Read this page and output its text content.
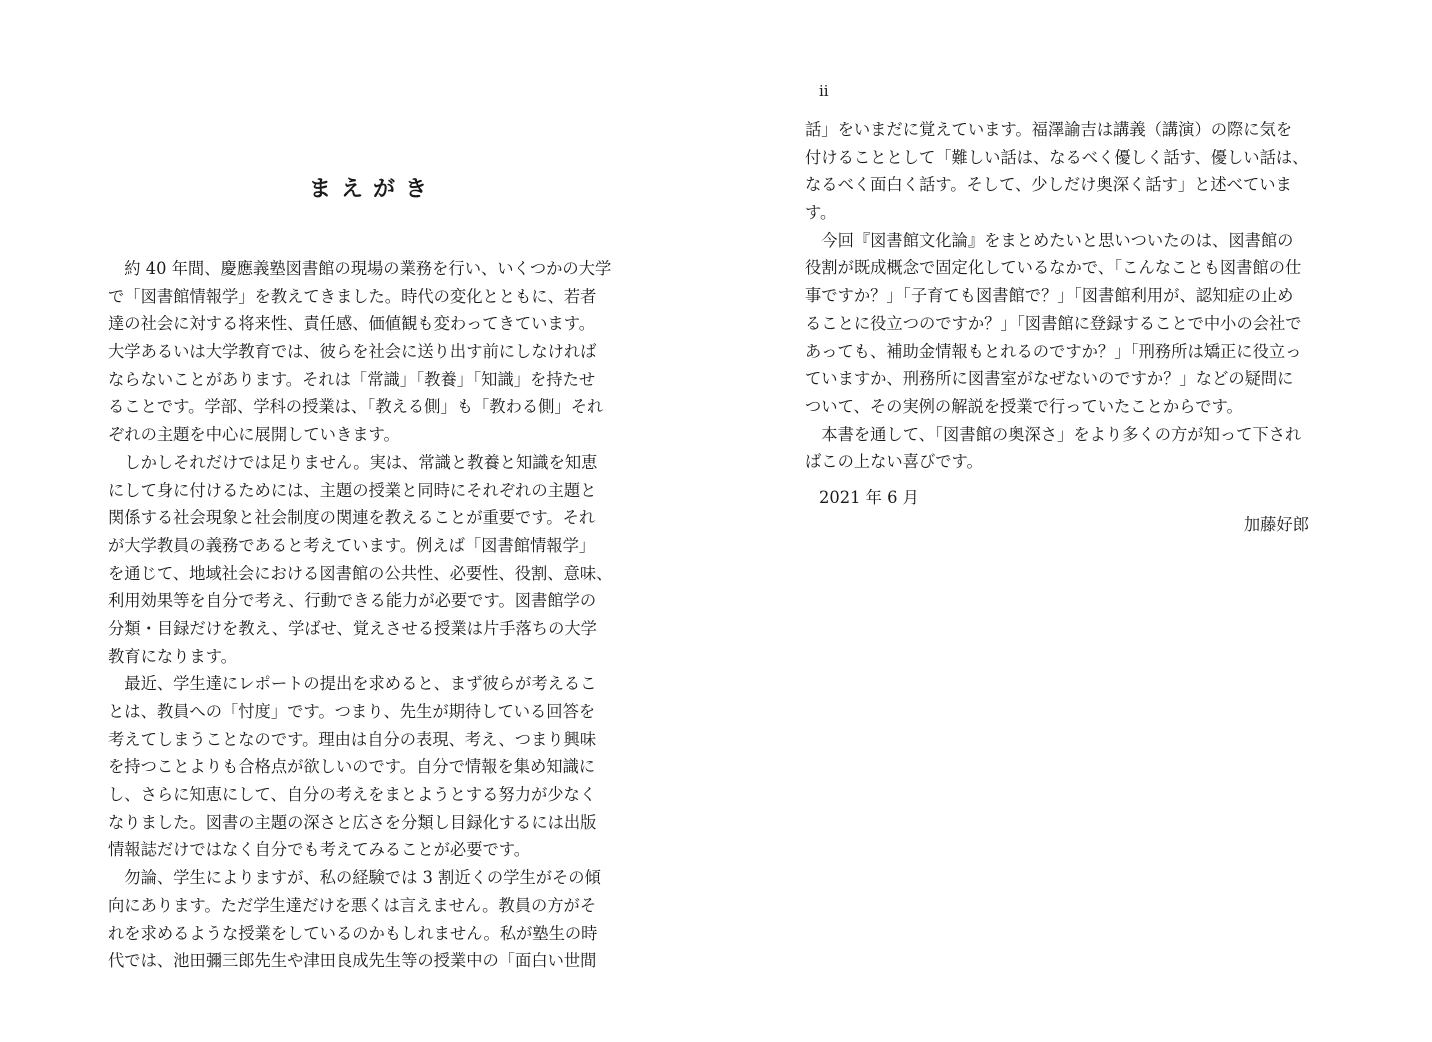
まえがき

　約 40 年間、慶應義塾図書館の現場の業務を行い、いくつかの大学

で「図書館情報学」を教えてきました。時代の変化とともに、若者

達の社会に対する将来性、責任感、価値観も変わってきています。

大学あるいは大学教育では、彼らを社会に送り出す前にしなければ

ならないことがあります。それは「常識」「教養」「知識」を持たせ

ることです。学部、学科の授業は、「教える側」も「教わる側」それ

ぞれの主題を中心に展開していきます。

　しかしそれだけでは足りません。実は、常識と教養と知識を知恵

にして身に付けるためには、主題の授業と同時にそれぞれの主題と

関係する社会現象と社会制度の関連を教えることが重要です。それ

が大学教員の義務であると考えています。例えば「図書館情報学」

を通じて、地域社会における図書館の公共性、必要性、役割、意味、

利用効果等を自分で考え、行動できる能力が必要です。図書館学の

分類・目録だけを教え、学ばせ、覚えさせる授業は片手落ちの大学

教育になります。

　最近、学生達にレポートの提出を求めると、まず彼らが考えるこ

とは、教員への「忖度」です。つまり、先生が期待している回答を

考えてしまうことなのです。理由は自分の表現、考え、つまり興味

を持つことよりも合格点が欲しいのです。自分で情報を集め知識に

し、さらに知恵にして、自分の考えをまとようとする努力が少なく

なりました。図書の主題の深さと広さを分類し目録化するには出版

情報誌だけではなく自分でも考えてみることが必要です。

　勿論、学生によりますが、私の経験では 3 割近くの学生がその傾

向にあります。ただ学生達だけを悪くは言えません。教員の方がそ

れを求めるような授業をしているのかもしれません。私が塾生の時

代では、池田彌三郎先生や津田良成先生等の授業中の「面白い世間

ii

話」をいまだに覚えています。福澤諭吉は講義（講演）の際に気を

付けることとして「難しい話は、なるべく優しく話す、優しい話は、

なるべく面白く話す。そして、少しだけ奥深く話す」と述べていま

す。

　今回『図書館文化論』をまとめたいと思いついたのは、図書館の

役割が既成概念で固定化しているなかで、「こんなことも図書館の仕

事ですか？」「子育ても図書館で？」「図書館利用が、認知症の止め

ることに役立つのですか？」「図書館に登録することで中小の会社で

あっても、補助金情報もとれるのですか？」「刑務所は矯正に役立っ

ていますか、刑務所に図書室がなぜないのですか？」などの疑問に

ついて、その実例の解説を授業で行っていたことからです。

　本書を通して、「図書館の奥深さ」をより多くの方が知って下され

ばこの上ない喜びです。

2021 年 6 月

加藤好郎
